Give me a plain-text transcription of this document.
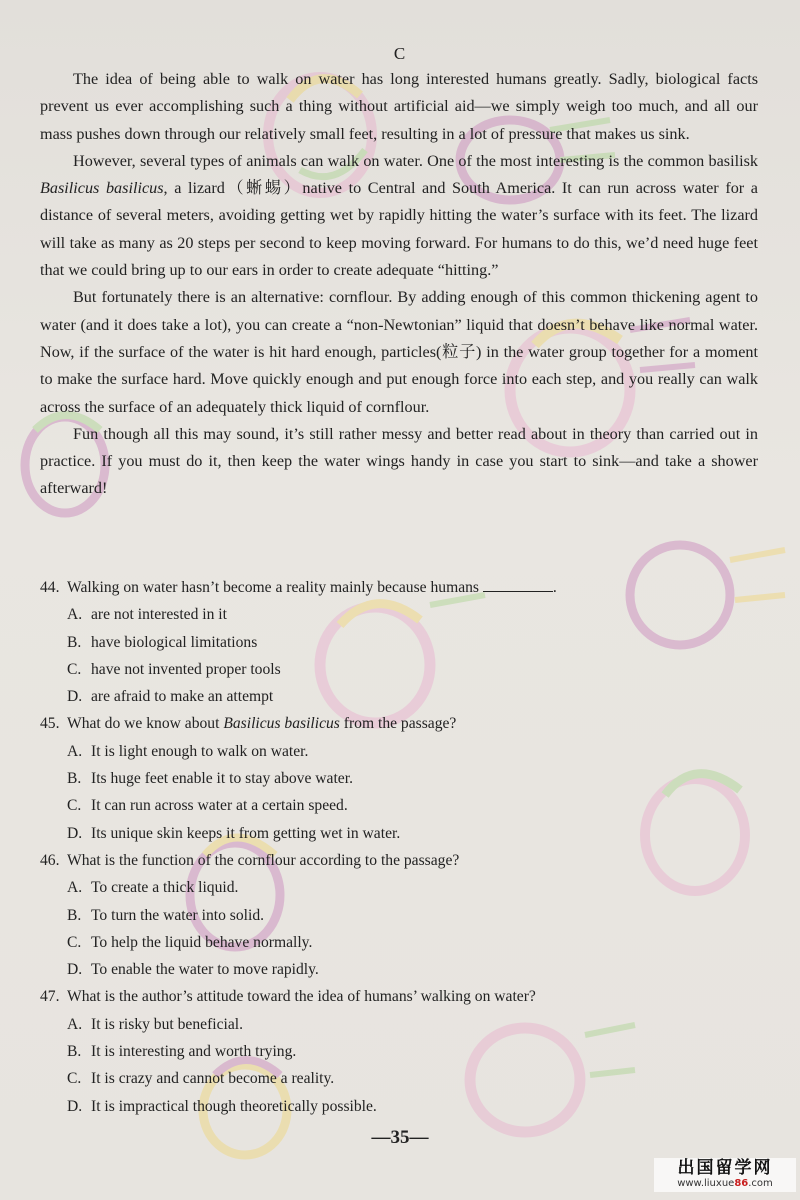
C

The idea of being able to walk on water has long interested humans greatly. Sadly, biological facts prevent us ever accomplishing such a thing without artificial aid—we simply weigh too much, and all our mass pushes down through our relatively small feet, resulting in a lot of pressure that makes us sink.

However, several types of animals can walk on water. One of the most interesting is the common basilisk Basilicus basilicus, a lizard（蜥蜴）native to Central and South America. It can run across water for a distance of several meters, avoiding getting wet by rapidly hitting the water’s surface with its feet. The lizard will take as many as 20 steps per second to keep moving forward. For humans to do this, we’d need huge feet that we could bring up to our ears in order to create adequate “hitting.”

But fortunately there is an alternative: cornflour. By adding enough of this common thickening agent to water (and it does take a lot), you can create a “non-Newtonian” liquid that doesn’t behave like normal water. Now, if the surface of the water is hit hard enough, particles(粒子) in the water group together for a moment to make the surface hard. Move quickly enough and put enough force into each step, and you really can walk across the surface of an adequately thick liquid of cornflour.

Fun though all this may sound, it’s still rather messy and better read about in theory than carried out in practice. If you must do it, then keep the water wings handy in case you start to sink—and take a shower afterward!

44. Walking on water hasn’t become a reality mainly because humans	.

A. are not interested in it

B. have biological limitations

C. have not invented proper tools

D. are afraid to make an attempt

45. What do we know about Basilicus basilicus from the passage?

A. It is light enough to walk on water.

B. Its huge feet enable it to stay above water.

C. It can run across water at a certain speed.

D. Its unique skin keeps it from getting wet in water.

46. What is the function of the cornflour according to the passage?

A. To create a thick liquid.

B. To turn the water into solid.

C. To help the liquid behave normally.

D. To enable the water to move rapidly.

47. What is the author’s attitude toward the idea of humans’ walking on water?

A. It is risky but beneficial.

B. It is interesting and worth trying.

C. It is crazy and cannot become a reality.

D. It is impractical though theoretically possible.

—35—
出国留学网
www.liuxue86.com
